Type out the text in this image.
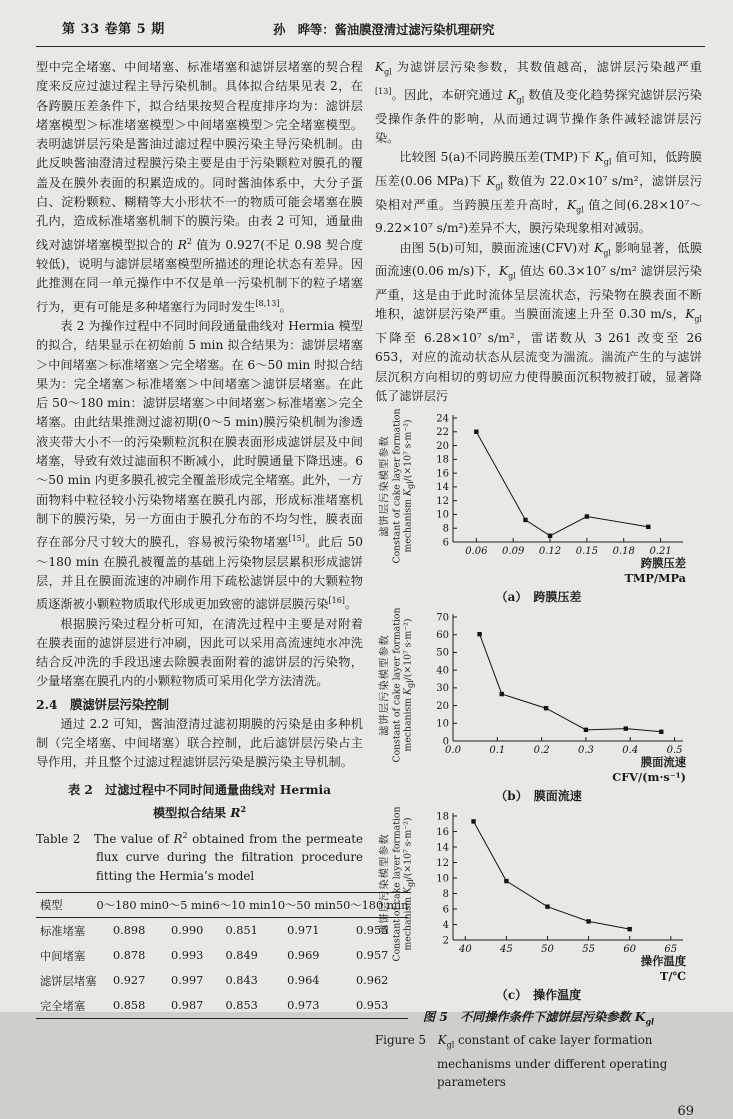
第 33 卷第 5 期	孙　晔等：酱油膜澄清过滤污染机理研究

型中完全堵塞、中间堵塞、标准堵塞和滤饼层堵塞的契合程度来反应过滤过程主导污染机制。具体拟合结果见表 2，在各跨膜压差条件下，拟合结果按契合程度排序均为：滤饼层堵塞模型＞标准堵塞模型＞中间堵塞模型＞完全堵塞模型。表明滤饼层污染是酱油过滤过程中膜污染主导污染机制。由此反映酱油澄清过程膜污染主要是由于污染颗粒对膜孔的覆盖及在膜外表面的积累造成的。同时酱油体系中，大分子蛋白、淀粉颗粒、糊精等大小形状不一的物质可能会堵塞在膜孔内，造成标准堵塞机制下的膜污染。由表 2 可知，通量曲线对滤饼堵塞模型拟合的 $R^2$ 值为 0.927(不足 0.98 契合度较低)，说明与滤饼层堵塞模型所描述的理论状态有差异。因此推测在同一单元操作中不仅是单一污染机制下的粒子堵塞行为，更有可能是多种堵塞行为同时发生[8,13]。

表 2 为操作过程中不同时间段通量曲线对 Hermia 模型的拟合，结果显示在初始前 5 min 拟合结果为：滤饼层堵塞＞中间堵塞＞标准堵塞＞完全堵塞。在 6～50 min 时拟合结果为：完全堵塞＞标准堵塞＞中间堵塞＞滤饼层堵塞。在此后 50～180 min：滤饼层堵塞＞中间堵塞＞标准堵塞＞完全堵塞。由此结果推测过滤初期(0～5 min)膜污染机制为渗透液夹带大小不一的污染颗粒沉积在膜表面形成滤饼层及中间堵塞，导致有效过滤面积不断减小，此时膜通量下降迅速。6～50 min 内更多膜孔被完全覆盖形成完全堵塞。此外，一方面物料中粒径较小污染物堵塞在膜孔内部，形成标准堵塞机制下的膜污染，另一方面由于膜孔分布的不均匀性，膜表面存在部分尺寸较大的膜孔，容易被污染物堵塞[15]。此后 50～180 min 在膜孔被覆盖的基础上污染物层层累积形成滤饼层，并且在膜面流速的冲刷作用下疏松滤饼层中的大颗粒物质逐渐被小颗粒物质取代形成更加致密的滤饼层膜污染[16]。

根据膜污染过程分析可知，在清洗过程中主要是对附着在膜表面的滤饼层进行冲刷，因此可以采用高流速纯水冲洗结合反冲洗的手段迅速去除膜表面附着的滤饼层的污染物，少量堵塞在膜孔内的小颗粒物质可采用化学方法清洗。

2.4　膜滤饼层污染控制

通过 2.2 可知，酱油澄清过滤初期膜的污染是由多种机制（完全堵塞、中间堵塞）联合控制，此后滤饼层污染占主导作用，并且整个过滤过程滤饼层污染是膜污染主导机制。

表 2　过滤过程中不同时间通量曲线对 Hermia
模型拟合结果 $R^2$
Table 2　The value of $R^2$ obtained from the permeate flux curve during the filtration procedure fitting the Hermia’s model
模型	0～180 min	0～5 min	6～10 min	10～50 min	50～180 min
标准堵塞	0.898	0.990	0.851	0.971	0.955
中间堵塞	0.878	0.993	0.849	0.969	0.957
滤饼层堵塞	0.927	0.997	0.843	0.964	0.962
完全堵塞	0.858	0.987	0.853	0.973	0.953

$K_{gl}$ 为滤饼层污染参数，其数值越高，滤饼层污染越严重[13]。因此，本研究通过 $K_{gl}$ 数值及变化趋势探究滤饼层污染受操作条件的影响，从而通过调节操作条件减轻滤饼层污染。

比较图 5(a)不同跨膜压差(TMP)下 $K_{gl}$ 值可知，低跨膜压差(0.06 MPa)下 $K_{gl}$ 数值为 22.0×10⁷ s/m²，滤饼层污染相对严重。当跨膜压差升高时，$K_{gl}$ 值之间(6.28×10⁷～9.22×10⁷ s/m²)差异不大，膜污染现象相对减弱。

由图 5(b)可知，膜面流速(CFV)对 $K_{gl}$ 影响显著，低膜面流速(0.06 m/s)下，$K_{gl}$ 值达 60.3×10⁷ s/m² 滤饼层污染严重，这是由于此时流体呈层流状态，污染物在膜表面不断堆积，滤饼层污染严重。当膜面流速上升至 0.30 m/s，$K_{gl}$ 下降至 6.28×10⁷ s/m²，雷诺数从 3 261 改变至 26 653，对应的流动状态从层流变为湍流。湍流产生的与滤饼层沉积方向相切的剪切应力使得膜面沉积物被打破，显著降低了滤饼层污

滤饼层污染模型参数 Constant of cake layer formation mechanism $K_{gl}/(\times 10^7$ s·m⁻²)
6
8
10
12
14
16
18
20
22
24
0.06 0.09 0.12 0.15 0.18 0.21
跨膜压差
TMP/MPa
（a）　跨膜压差
滤饼层污染模型参数 Constant of cake layer formation mechanism $K_{gl}/(\times 10^7$ s·m⁻²)
0
10
20
30
40
50
60
70
0.0	0.1	0.2	0.3	0.4	0.5
膜面流速
CFV/(m·s⁻¹)
（b）　膜面流速
滤饼层污染模型参数 Constant of cake layer formation mechanism $K_{gl}/(\times 10^7$ s·m⁻²)
2
4
6
8
10
12
14
16
18
40	45	50	55	60	65
操作温度
T/℃
（c）　操作温度
图 5　不同操作条件下滤饼层污染参数 $K_{gl}$
Figure 5　$K_{gl}$ constant of cake layer formation mechanisms under different operating parameters
69
